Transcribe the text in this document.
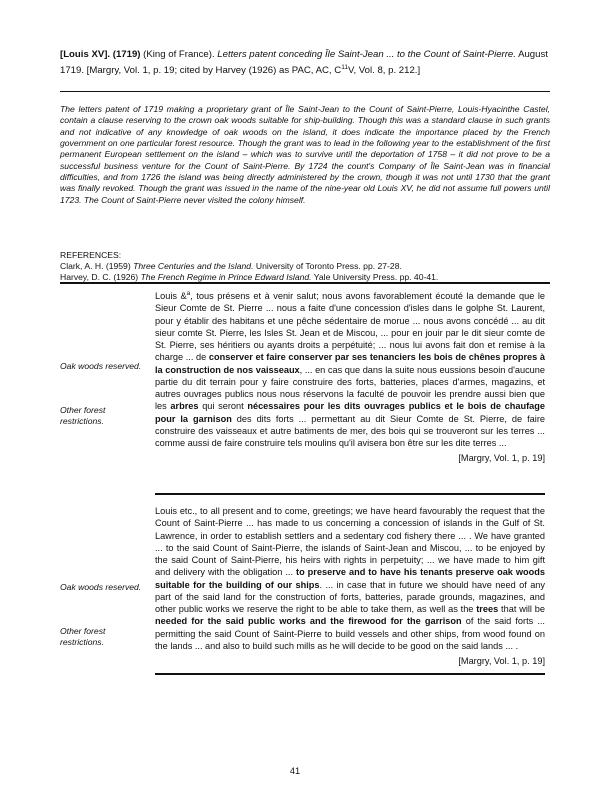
[Louis XV]. (1719) (King of France). Letters patent conceding Île Saint-Jean ... to the Count of Saint-Pierre. August 1719. [Margry, Vol. 1, p. 19; cited by Harvey (1926) as PAC, AC, $C^{11}V$, Vol. 8, p. 212.]
The letters patent of 1719 making a proprietary grant of Île Saint-Jean to the Count of Saint-Pierre, Louis-Hyacinthe Castel, contain a clause reserving to the crown oak woods suitable for ship-building. Though this was a standard clause in such grants and not indicative of any knowledge of oak woods on the island, it does indicate the importance placed by the French government on one particular forest resource. Though the grant was to lead in the following year to the establishment of the first permanent European settlement on the island – which was to survive until the deportation of 1758 – it did not prove to be a successful business venture for the Count of Saint-Pierre. By 1724 the count's Company of Île Saint-Jean was in financial difficulties, and from 1726 the island was being directly administered by the crown, though it was not until 1730 that the grant was finally revoked. Though the grant was issued in the name of the nine-year old Louis XV, he did not assume full powers until 1723. The Count of Saint-Pierre never visited the colony himself.
REFERENCES:
Clark, A. H. (1959) Three Centuries and the Island. University of Toronto Press. pp. 27-28.
Harvey, D. C. (1926) The French Regime in Prince Edward Island. Yale University Press. pp. 40-41.
Louis &$^a$, tous présens et à venir salut; nous avons favorablement écouté la demande que le Sieur Comte de St. Pierre ... nous a faite d'une concession d'isles dans le golphe St. Laurent, pour y établir des habitans et une pêche sédentaire de morue ... nous avons concédé ... au dit sieur comte St. Pierre, les Isles St. Jean et de Miscou, ... pour en jouir par le dit sieur comte de St. Pierre, ses héritiers ou ayants droits a perpétuité; ... nous lui avons fait don et remise à la charge ... de conserver et faire conserver par ses tenanciers les bois de chênes propres à la construction de nos vaisseaux, ... en cas que dans la suite nous eussions besoin d'aucune partie du dit terrain pour y faire construire des forts, batteries, places d'armes, magazins, et autres ouvrages publics nous nous réservons la faculté de pouvoir les prendre aussi bien que les arbres qui seront nécessaires pour les dits ouvrages publics et le bois de chaufage pour la garnison des dits forts ... permettant au dit Sieur Comte de St. Pierre, de faire construire des vaisseaux et autre batiments de mer, des bois qui se trouveront sur les terres ... comme aussi de faire construire tels moulins qu'il avisera bon être sur les dite terres ...
[Margry, Vol. 1, p. 19]
Oak woods reserved.
Other forest restrictions.
Louis etc., to all present and to come, greetings; we have heard favourably the request that the Count of Saint-Pierre ... has made to us concerning a concession of islands in the Gulf of St. Lawrence, in order to establish settlers and a sedentary cod fishery there ... . We have granted ... to the said Count of Saint-Pierre, the islands of Saint-Jean and Miscou, ... to be enjoyed by the said Count of Saint-Pierre, his heirs with rights in perpetuity; ... we have made to him gift and delivery with the obligation ... to preserve and to have his tenants preserve oak woods suitable for the building of our ships. ... in case that in future we should have need of any part of the said land for the construction of forts, batteries, parade grounds, magazines, and other public works we reserve the right to be able to take them, as well as the trees that will be needed for the said public works and the firewood for the garrison of the said forts ... permitting the said Count of Saint-Pierre to build vessels and other ships, from wood found on the lands ... and also to build such mills as he will decide to be good on the said lands ... .
[Margry, Vol. 1, p. 19]
Oak woods reserved.
Other forest restrictions.
41
